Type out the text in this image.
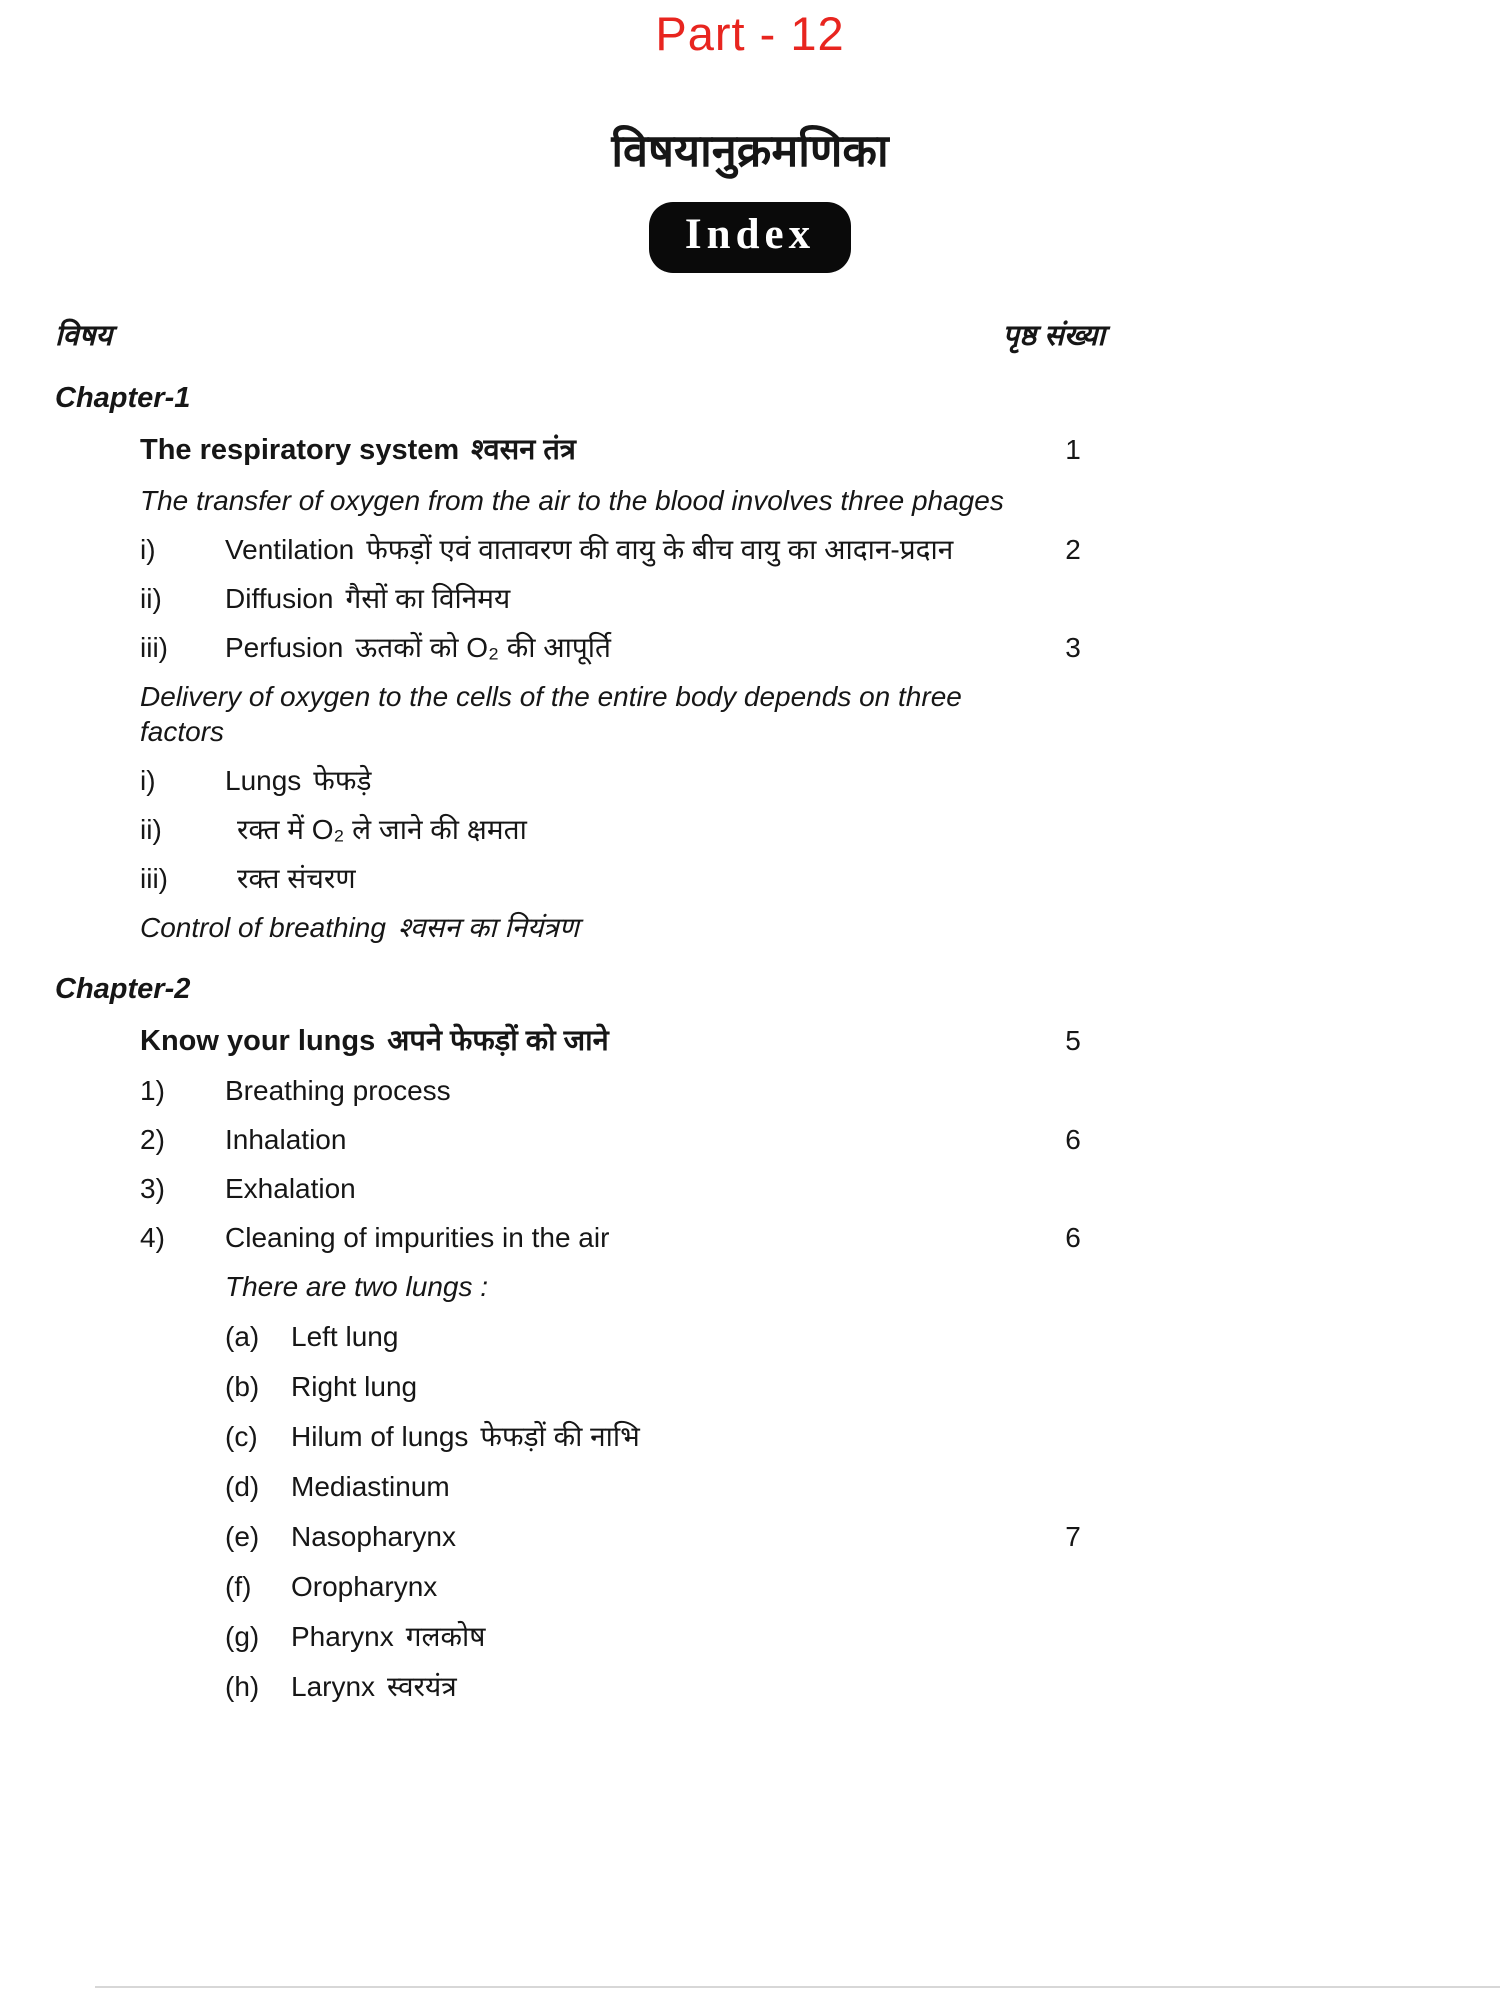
Part - 12
विषयानुक्रमणिका
Index
विषय	पृष्ठ संख्या
Chapter-1
The respiratory system श्वसन तंत्र	1
The transfer of oxygen from the air to the blood involves three phages
i)	Ventilation फेफड़ों एवं वातावरण की वायु के बीच वायु का आदान-प्रदान	2
ii)	Diffusion गैसों का विनिमय
iii)	Perfusion ऊतकों को O₂ की आपूर्ति	3
Delivery of oxygen to the cells of the entire body depends on three factors
i)	Lungs फेफड़े
ii)	रक्त में O₂ ले जाने की क्षमता
iii)	रक्त संचरण
Control of breathing श्वसन का नियंत्रण
Chapter-2
Know your lungs अपने फेफड़ों को जाने	5
1)	Breathing process
2)	Inhalation	6
3)	Exhalation
4)	Cleaning of impurities in the air	6
There are two lungs :
(a)	Left lung
(b)	Right lung
(c)	Hilum of lungs फेफड़ों की नाभि
(d)	Mediastinum
(e)	Nasopharynx	7
(f)	Oropharynx
(g)	Pharynx गलकोष
(h)	Larynx स्वरयंत्र
